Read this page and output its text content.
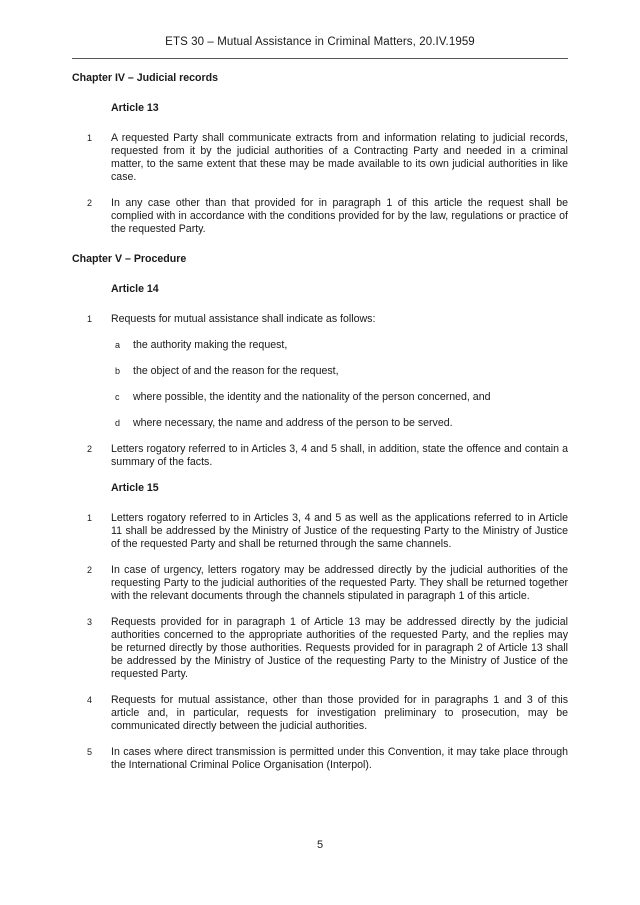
ETS 30 – Mutual Assistance in Criminal Matters, 20.IV.1959
Chapter IV – Judicial records
Article 13
1	A requested Party shall communicate extracts from and information relating to judicial records, requested from it by the judicial authorities of a Contracting Party and needed in a criminal matter, to the same extent that these may be made available to its own judicial authorities in like case.
2	In any case other than that provided for in paragraph 1 of this article the request shall be complied with in accordance with the conditions provided for by the law, regulations or practice of the requested Party.
Chapter V – Procedure
Article 14
1	Requests for mutual assistance shall indicate as follows:
a	the authority making the request,
b	the object of and the reason for the request,
c	where possible, the identity and the nationality of the person concerned, and
d	where necessary, the name and address of the person to be served.
2	Letters rogatory referred to in Articles 3, 4 and 5 shall, in addition, state the offence and contain a summary of the facts.
Article 15
1	Letters rogatory referred to in Articles 3, 4 and 5 as well as the applications referred to in Article 11 shall be addressed by the Ministry of Justice of the requesting Party to the Ministry of Justice of the requested Party and shall be returned through the same channels.
2	In case of urgency, letters rogatory may be addressed directly by the judicial authorities of the requesting Party to the judicial authorities of the requested Party. They shall be returned together with the relevant documents through the channels stipulated in paragraph 1 of this article.
3	Requests provided for in paragraph 1 of Article 13 may be addressed directly by the judicial authorities concerned to the appropriate authorities of the requested Party, and the replies may be returned directly by those authorities. Requests provided for in paragraph 2 of Article 13 shall be addressed by the Ministry of Justice of the requesting Party to the Ministry of Justice of the requested Party.
4	Requests for mutual assistance, other than those provided for in paragraphs 1 and 3 of this article and, in particular, requests for investigation preliminary to prosecution, may be communicated directly between the judicial authorities.
5	In cases where direct transmission is permitted under this Convention, it may take place through the International Criminal Police Organisation (Interpol).
5
